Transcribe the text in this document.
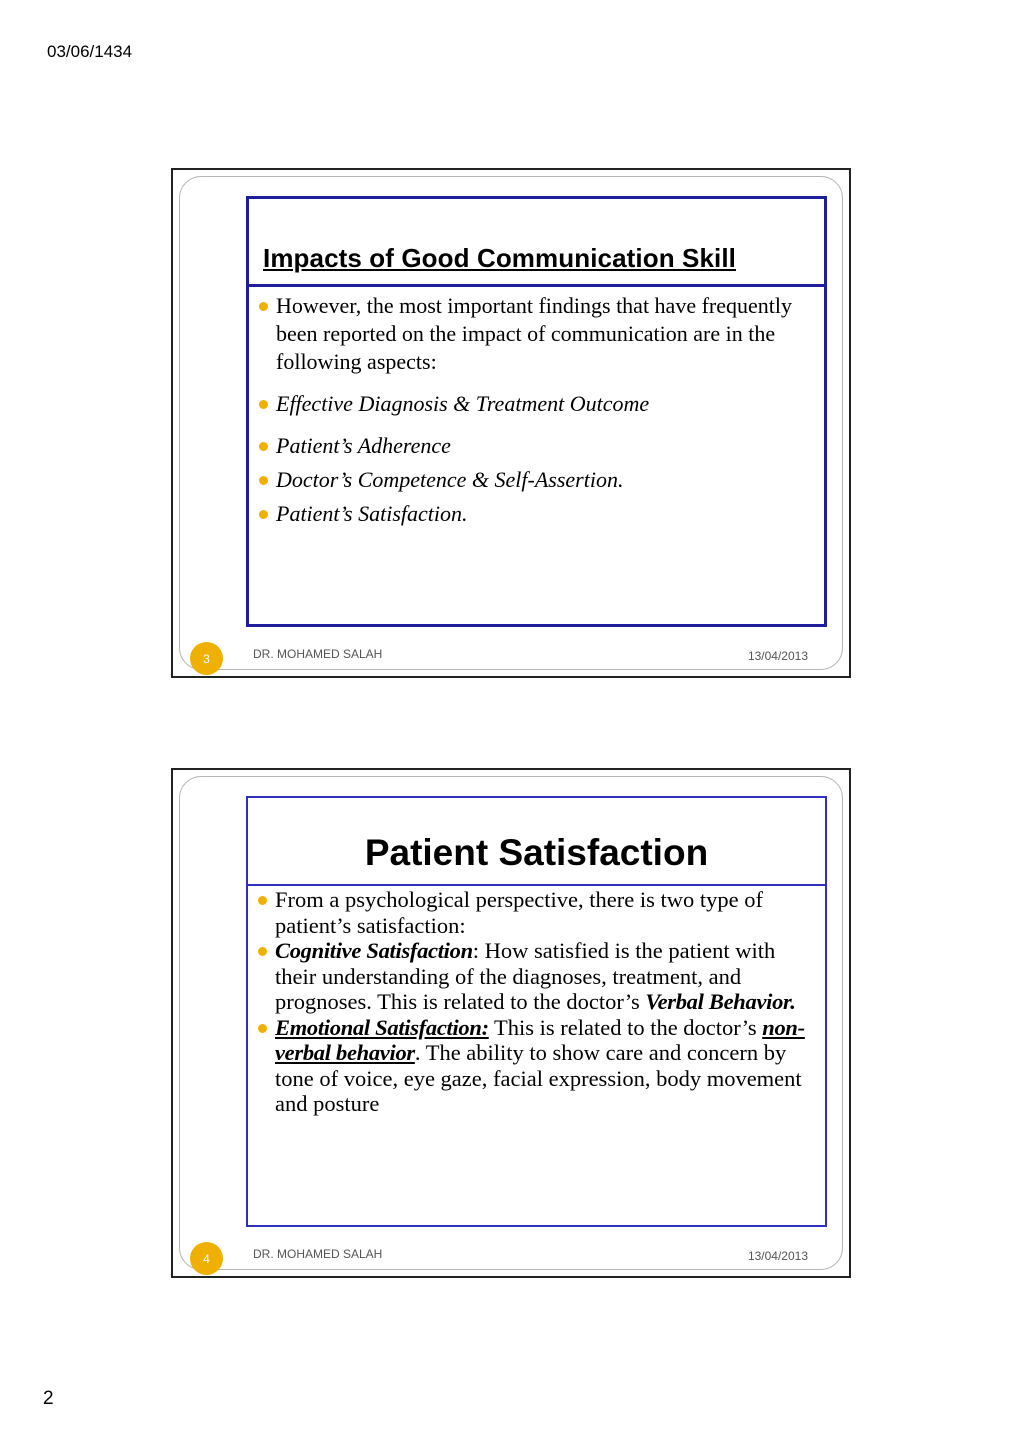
03/06/1434
Impacts of Good Communication Skill
However, the most important findings that have frequently been reported on the impact of communication are in the following aspects:
Effective Diagnosis & Treatment Outcome
Patient’s Adherence
Doctor’s Competence & Self-Assertion.
Patient’s Satisfaction.
3	DR. MOHAMED SALAH	13/04/2013
Patient Satisfaction
From a psychological perspective, there is two type of patient’s satisfaction:
Cognitive Satisfaction: How satisfied is the patient with their understanding of the diagnoses, treatment, and prognoses. This is related to the doctor’s Verbal Behavior.
Emotional Satisfaction: This is related to the doctor’s non-verbal behavior. The ability to show care and concern by tone of voice, eye gaze, facial expression, body movement and posture
4	DR. MOHAMED SALAH	13/04/2013
2
